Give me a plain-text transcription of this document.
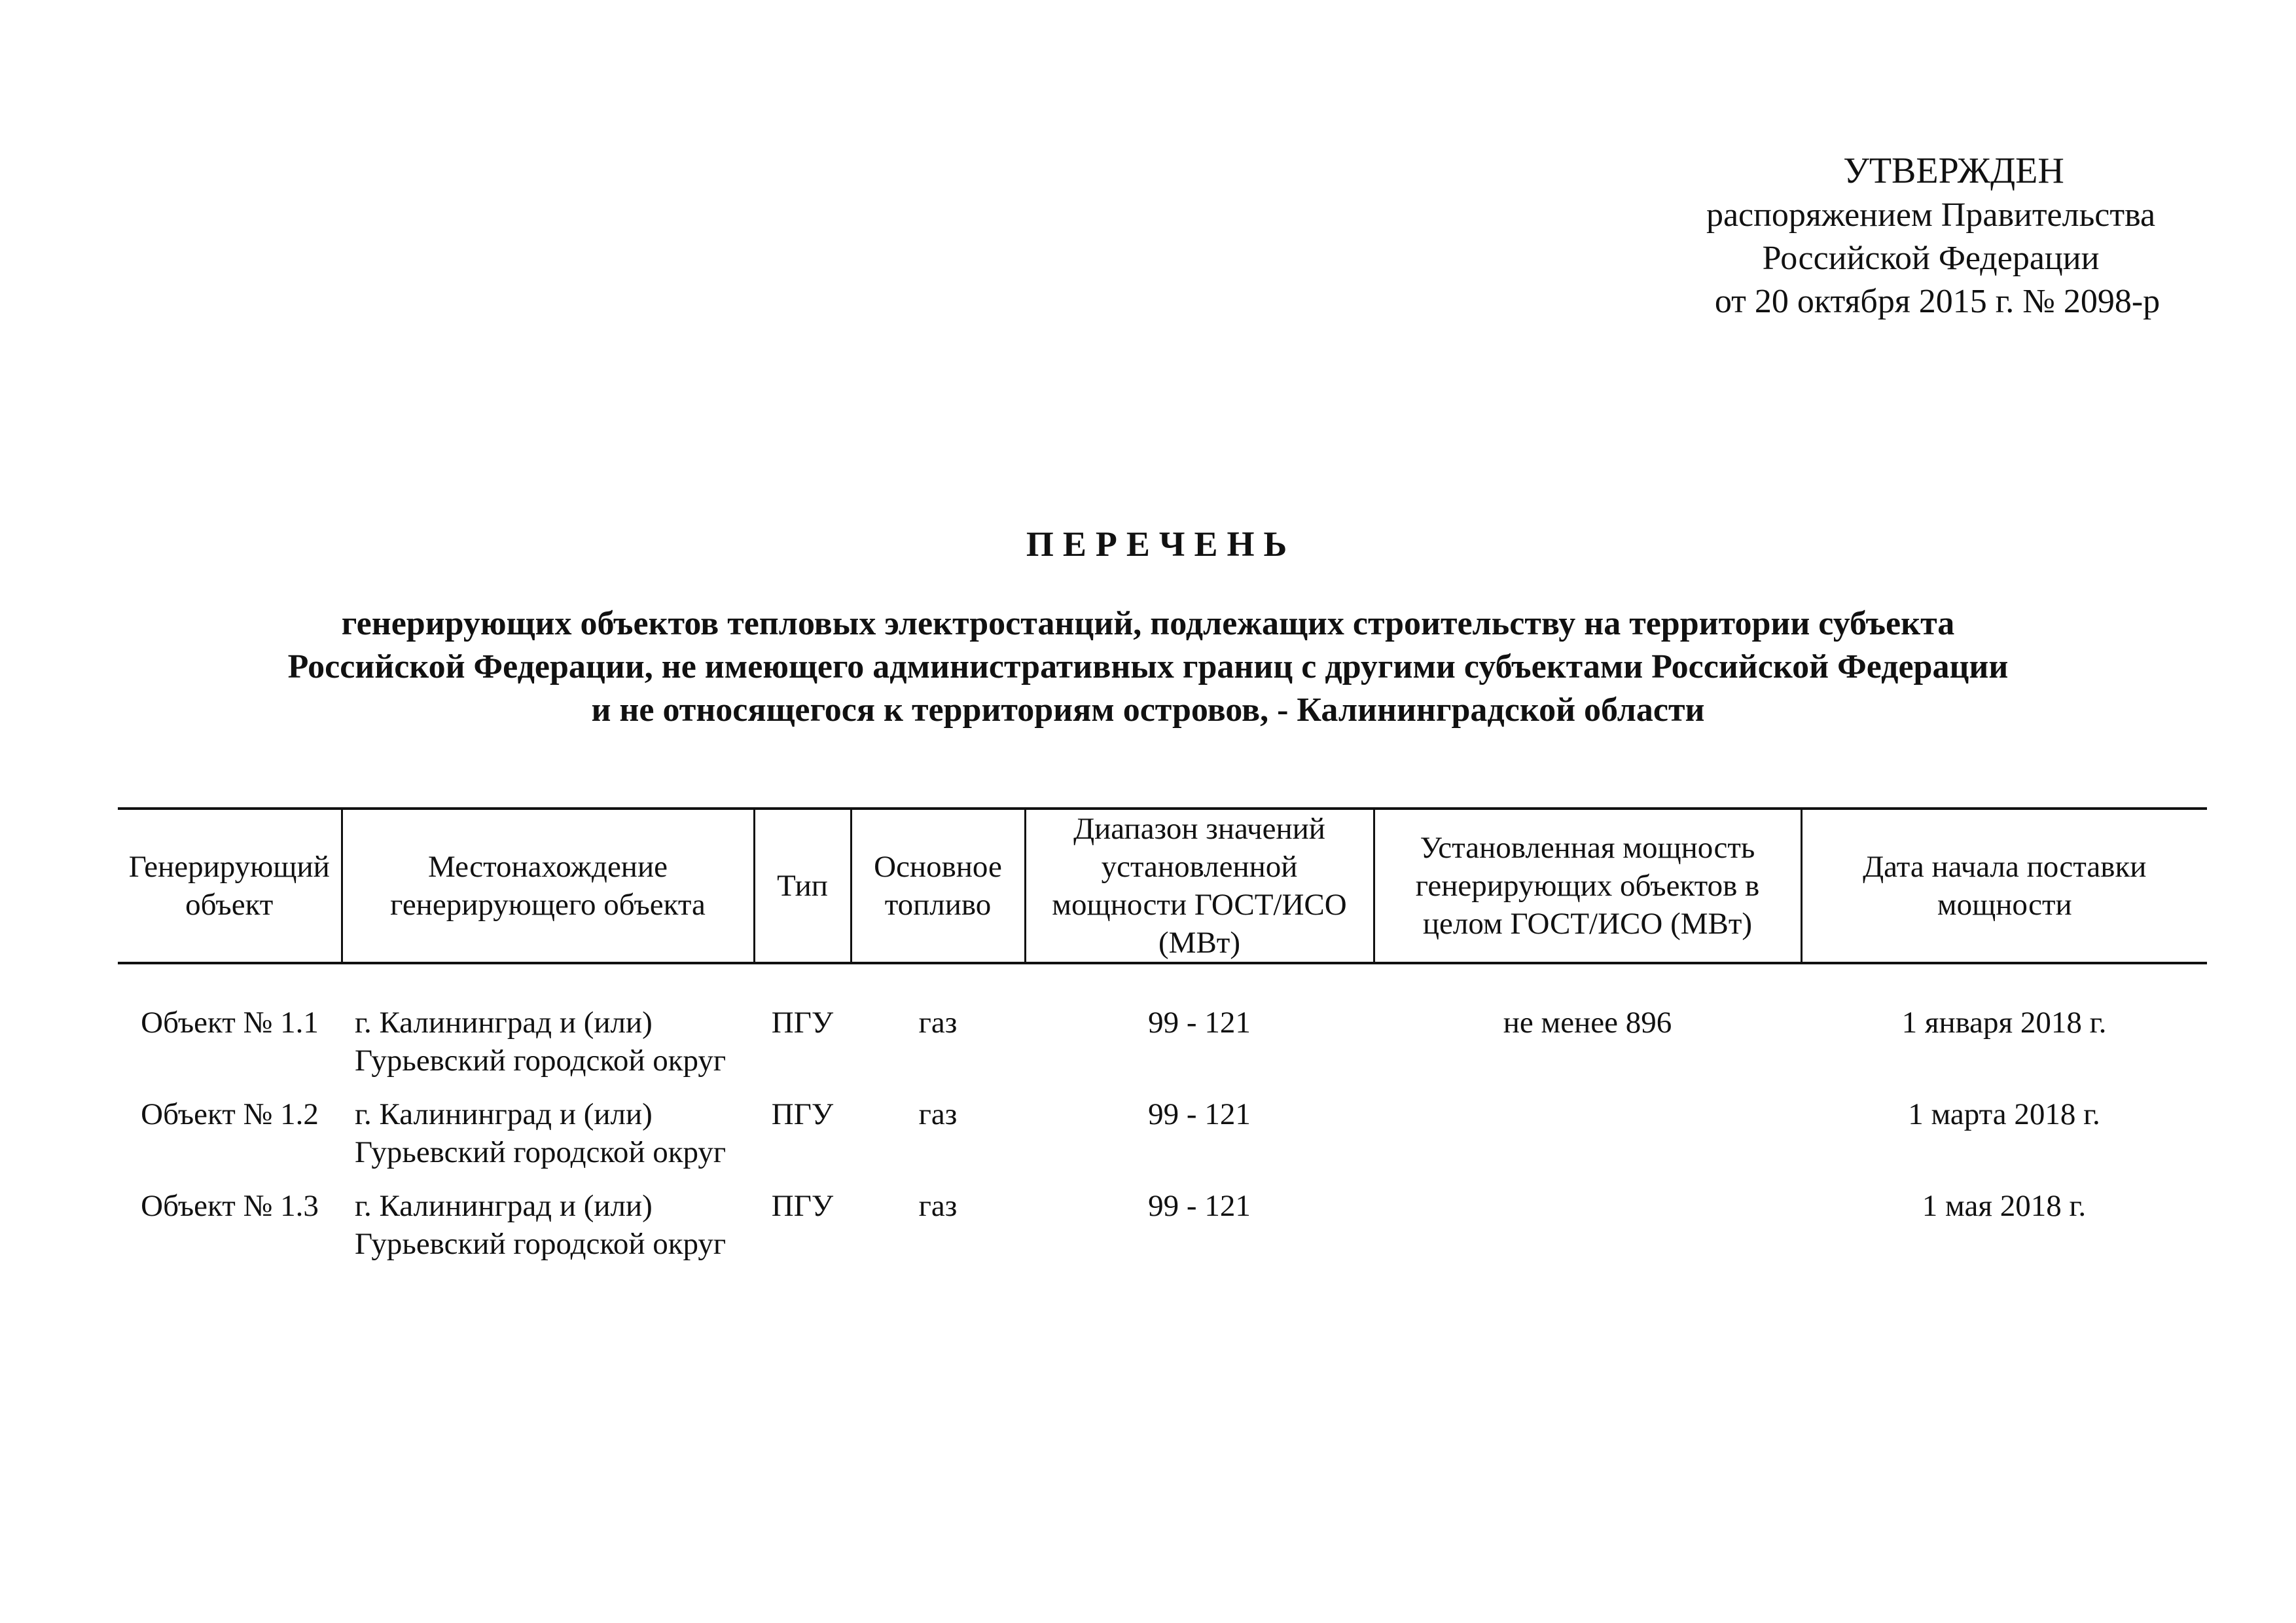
УТВЕРЖДЕН
распоряжением Правительства
Российской Федерации
от 20 октября 2015 г. № 2098-р
ПЕРЕЧЕНЬ
генерирующих объектов тепловых электростанций, подлежащих строительству на территории субъекта
Российской Федерации, не имеющего административных границ с другими субъектами Российской Федерации
и не относящегося к территориям островов, - Калининградской области
Генерирующий объект	Местонахождение генерирующего объекта	Тип	Основное топливо	Диапазон значений установленной мощности ГОСТ/ИСО (МВт)	Установленная мощность генерирующих объектов в целом ГОСТ/ИСО (МВт)	Дата начала поставки мощности
Объект № 1.1	г. Калининград и (или) Гурьевский городской округ	ПГУ	газ	99 - 121	не менее 896	1 января 2018 г.
Объект № 1.2	г. Калининград и (или) Гурьевский городской округ	ПГУ	газ	99 - 121		1 марта 2018 г.
Объект № 1.3	г. Калининград и (или) Гурьевский городской округ	ПГУ	газ	99 - 121		1 мая 2018 г.
